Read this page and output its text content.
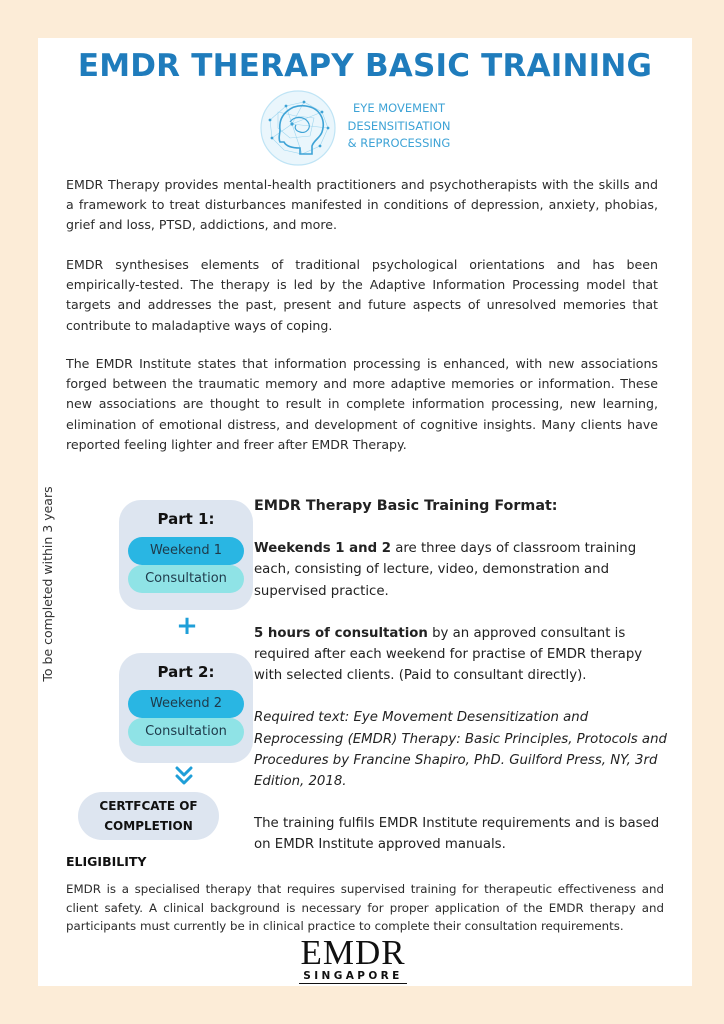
EMDR THERAPY BASIC TRAINING
EYE MOVEMENT
DESENSITISATION
& REPROCESSING

EMDR Therapy provides mental-health practitioners and psychotherapists with the skills and a framework to treat disturbances manifested in conditions of depression, anxiety, phobias, grief and loss, PTSD, addictions, and more.

EMDR synthesises elements of traditional psychological orientations and has been empirically-tested. The therapy is led by the Adaptive Information Processing model that targets and addresses the past, present and future aspects of unresolved memories that contribute to maladaptive ways of coping.

The EMDR Institute states that information processing is enhanced, with new associations forged between the traumatic memory and more adaptive memories or information. These new associations are thought to result in complete information processing, new learning, elimination of emotional distress, and development of cognitive insights. Many clients have reported feeling lighter and freer after EMDR Therapy.

To be completed within 3 years	Part 1:
Weekend 1
Consultation
+
Part 2:
Weekend 2
Consultation
CERTFCATE OF
COMPLETION

EMDR Therapy Basic Training Format:

Weekends 1 and 2 are three days of classroom training each, consisting of lecture, video, demonstration and supervised practice.

5 hours of consultation by an approved consultant is required after each weekend for practise of EMDR therapy with selected clients. (Paid to consultant directly).

Required text: Eye Movement Desensitization and Reprocessing (EMDR) Therapy: Basic Principles, Protocols and Procedures by Francine Shapiro, PhD. Guilford Press, NY, 3rd Edition, 2018.

The training fulfils EMDR Institute requirements and is based on EMDR Institute approved manuals.

ELIGIBILITY

EMDR is a specialised therapy that requires supervised training for therapeutic effectiveness and client safety. A clinical background is necessary for proper application of the EMDR therapy and participants must currently be in clinical practice to complete their consultation requirements.

EMDR
SINGAPORE
